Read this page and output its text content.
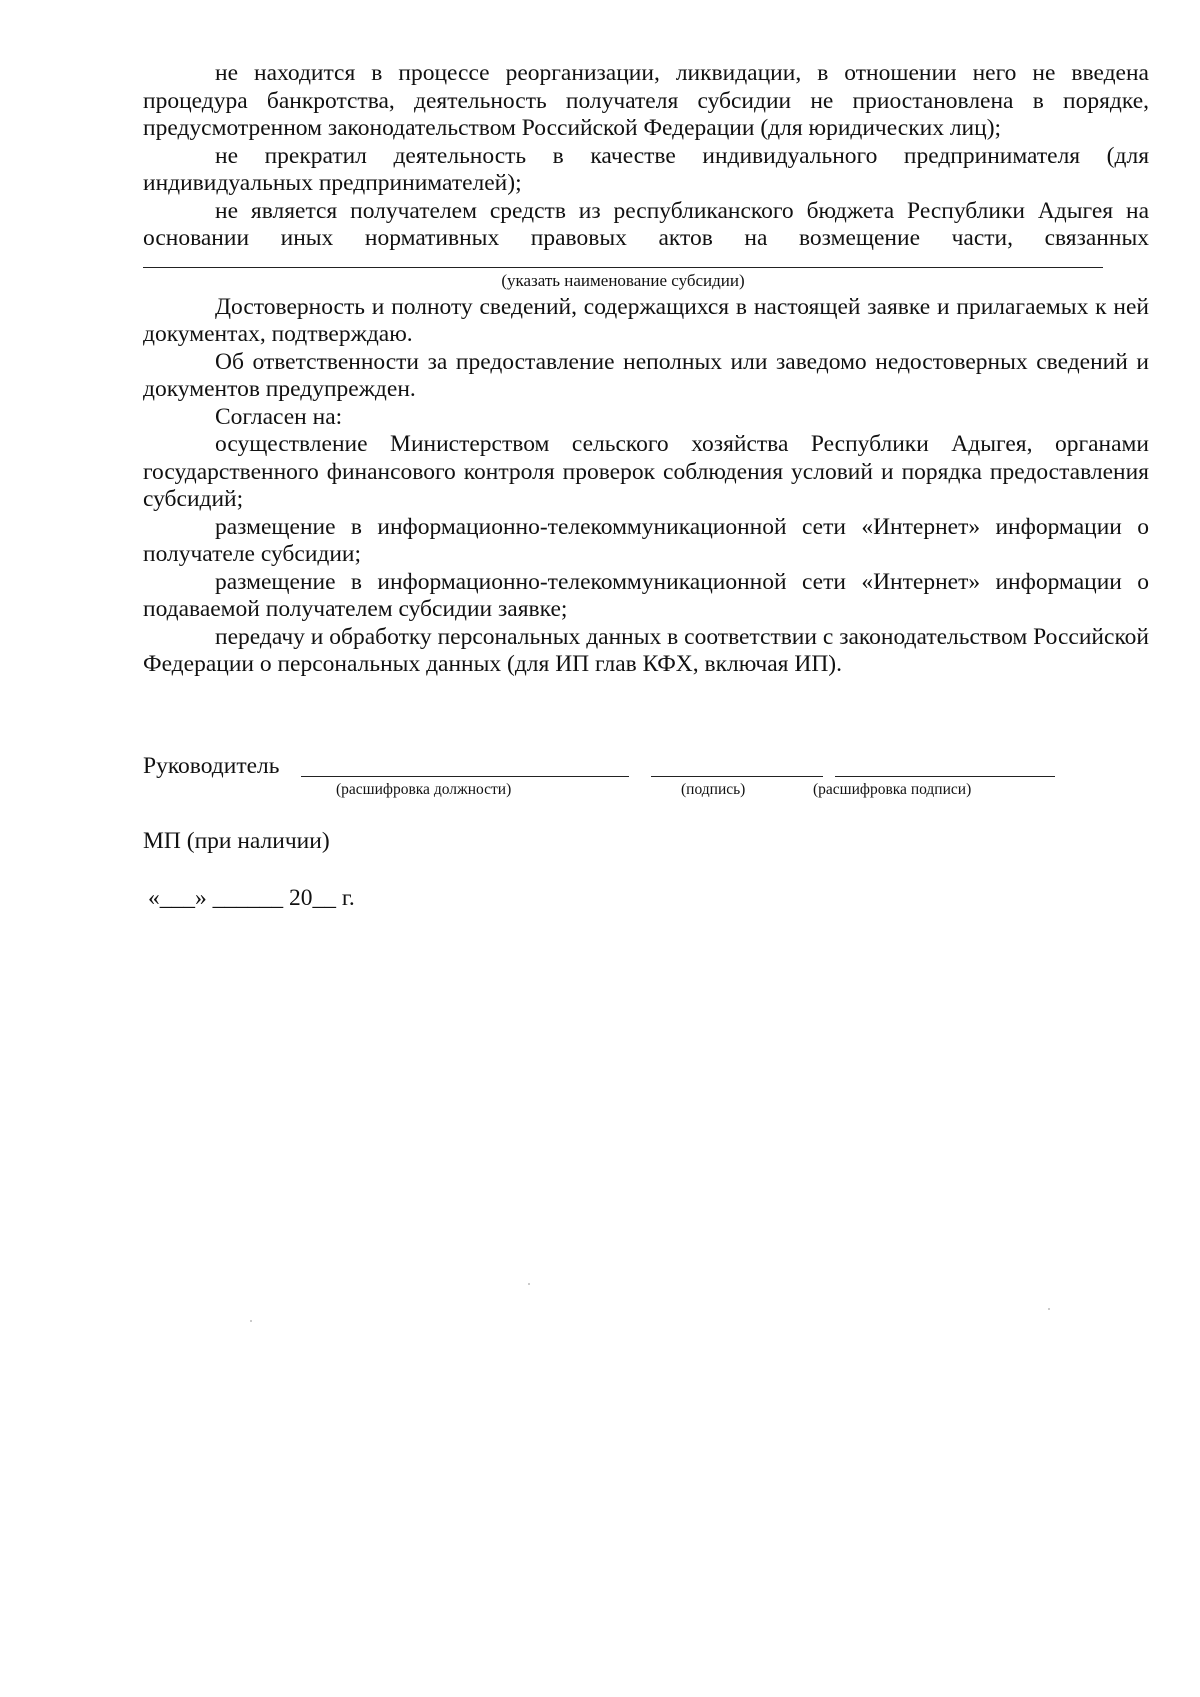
не находится в процессе реорганизации, ликвидации, в отношении него не введена процедура банкротства, деятельность получателя субсидии не приостановлена в порядке, предусмотренном законодательством Российской Федерации (для юридических лиц);

не прекратил деятельность в качестве индивидуального предпринимателя (для индивидуальных предпринимателей);

не является получателем средств из республиканского бюджета Республики Адыгея на основании иных нормативных правовых актов на возмещение части, связанных

(указать наименование субсидии)

Достоверность и полноту сведений, содержащихся в настоящей заявке и прилагаемых к ней документах, подтверждаю.

Об ответственности за предоставление неполных или заведомо недостоверных сведений и документов предупрежден.

Согласен на:

осуществление Министерством сельского хозяйства Республики Адыгея, органами государственного финансового контроля проверок соблюдения условий и порядка предоставления субсидий;

размещение в информационно-телекоммуникационной сети «Интернет» информации о получателе субсидии;

размещение в информационно-телекоммуникационной сети «Интернет» информации о подаваемой получателем субсидии заявке;

передачу и обработку персональных данных в соответствии с законодательством Российской Федерации о персональных данных (для ИП глав КФХ, включая ИП).

Руководитель
(расшифровка должности)	(подпись)	(расшифровка подписи)
МП (при наличии)
«___» ______ 20__ г.
